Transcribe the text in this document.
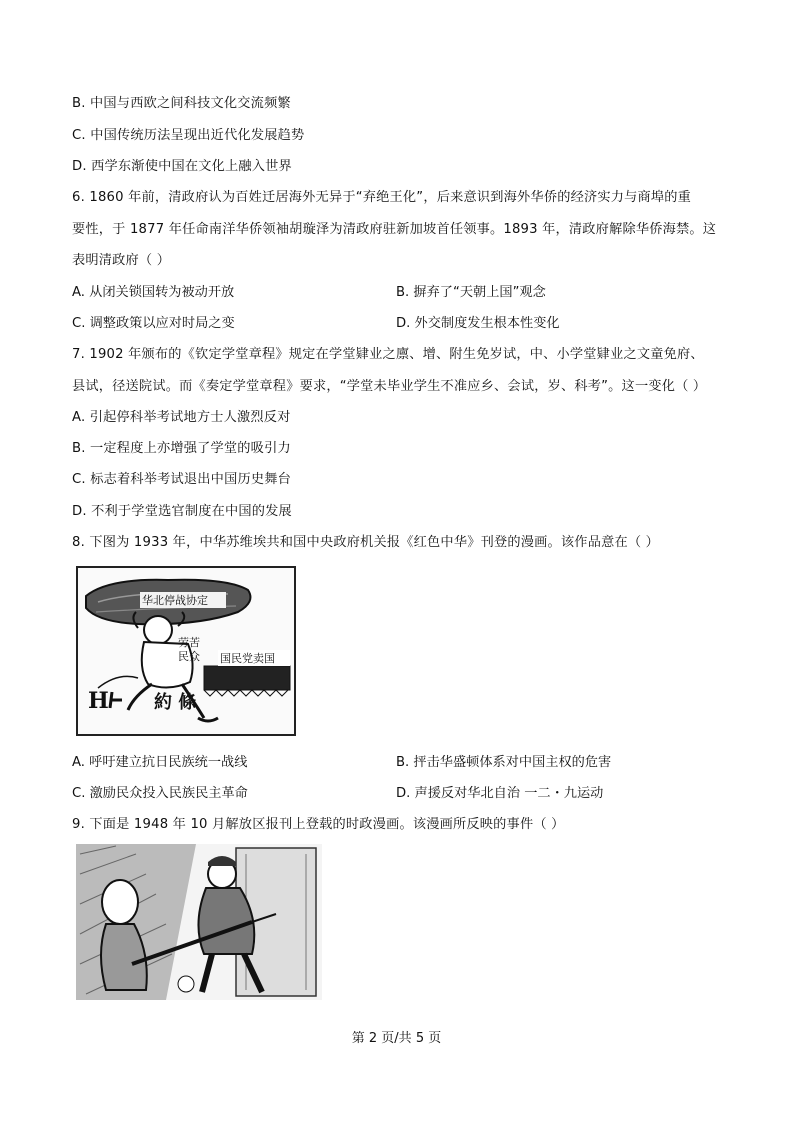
B. 中国与西欧之间科技文化交流频繁
C. 中国传统历法呈现出近代化发展趋势
D. 西学东渐使中国在文化上融入世界
6. 1860 年前，清政府认为百姓迁居海外无异于“弃绝王化”，后来意识到海外华侨的经济实力与商埠的重
要性，于 1877 年任命南洋华侨领袖胡璇泽为清政府驻新加坡首任领事。1893 年，清政府解除华侨海禁。这
表明清政府（ ）
A. 从闭关锁国转为被动开放	B. 摒弃了“天朝上国”观念
C. 调整政策以应对时局之变	D. 外交制度发生根本性变化
7. 1902 年颁布的《钦定学堂章程》规定在学堂肄业之廪、增、附生免岁试，中、小学堂肄业之文童免府、
县试，径送院试。而《奏定学堂章程》要求，“学堂未毕业学生不准应乡、会试，岁、科考”。这一变化（ ）
A. 引起停科举考试地方士人激烈反对
B. 一定程度上亦增强了学堂的吸引力
C. 标志着科举考试退出中国历史舞台
D. 不利于学堂选官制度在中国的发展
8. 下图为 1933 年，中华苏维埃共和国中央政府机关报《红色中华》刊登的漫画。该作品意在（ ）
华北停战协定
劳苦
民众 国民党卖国
H	約 條
A. 呼吁建立抗日民族统一战线	B. 抨击华盛顿体系对中国主权的危害
C. 激励民众投入民族民主革命	D. 声援反对华北自治 一二・九运动
9. 下面是 1948 年 10 月解放区报刊上登载的时政漫画。该漫画所反映的事件（ ）
第 2 页/共 5 页
